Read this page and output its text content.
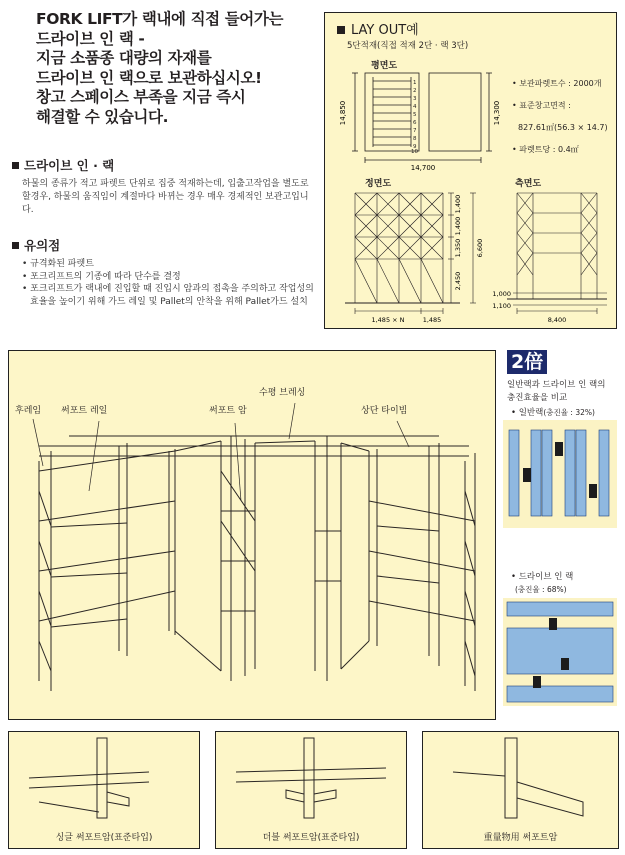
FORK LIFT가 랙내에 직접 들어가는
드라이브 인 랙 -
지금 소품종 대량의 자재를
드라이브 인 랙으로 보관하십시오!
창고 스페이스 부족을 지금 즉시
해결할 수 있습니다.
드라이브 인 · 랙
하물의 종류가 적고 파렛트 단위로 집중 적재하는데, 입출고작업을 별도로 할경우, 하물의 움직임이 계절마다 바뀌는 경우 매우 경제적인 보관고입니다.
유의점
• 규격화된 파렛트
• 포크리프트의 기종에 따라 단수를 결정
• 포크리프트가 랙내에 진입할 때 진입시 암과의 접촉을 주의하고 작업성의 효율을 높이기 위해 가드 레일 및 Pallet의 안착을 위해 Pallet가드 설치
LAY OUT예
5단적재(직접 적재 2단 · 랙 3단)
평면도
정면도	측면도
• 보관파렛트수 : 2000개
• 표준창고면적 :
827.61㎡(56.3 × 14.7)
• 파렛트당 : 0.4㎡
1
2
3
4
5
6
7
8
9
10
14,850	14,300
14,700
1,400
1,400
1,350
2,450
6,600
1,485 × N	1,485
1,000
1,100
8,400
후레임 써포트 레일
수평 브레싱
써포트 암	상단 타이빔
2倍
일반랙과 드라이브 인 랙의
충진효율을 비교
• 일반랙(충진율 : 32%)
• 드라이브 인 랙
(충진율 : 68%)
싱글 써포트암(표준타입)	더블 써포트암(표준타입)	重量物用 써포트암
